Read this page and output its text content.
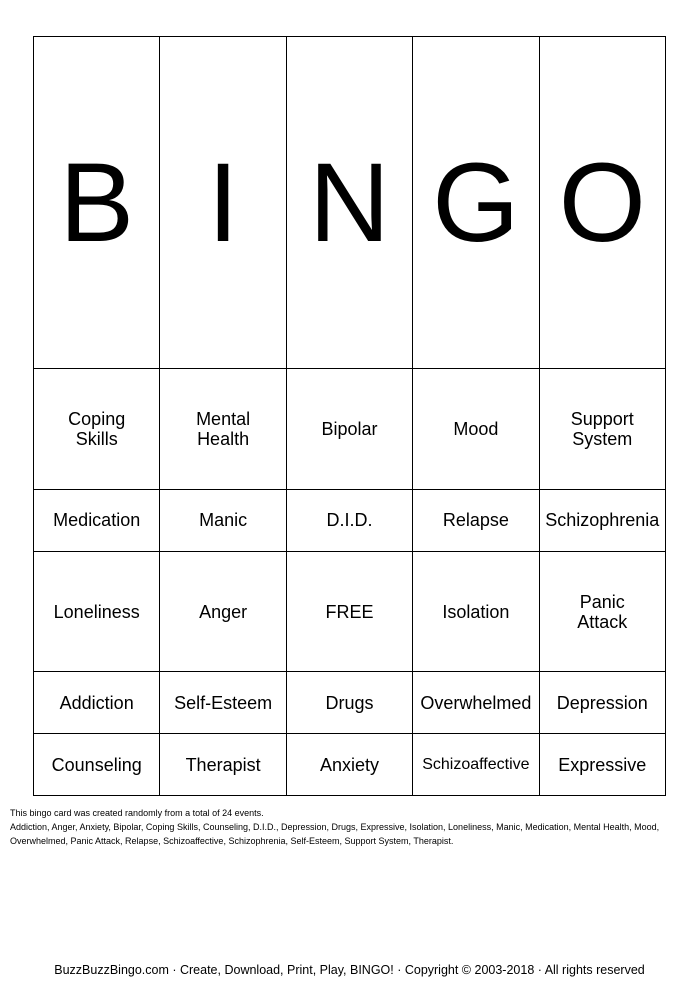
B	I	N	G	O
Coping Skills	Mental Health	Bipolar	Mood	Support System
Medication	Manic	D.I.D.	Relapse	Schizophrenia
Loneliness	Anger	FREE	Isolation	Panic Attack
Addiction	Self-Esteem	Drugs	Overwhelmed	Depression
Counseling	Therapist	Anxiety	Schizoaffective	Expressive
This bingo card was created randomly from a total of 24 events.
Addiction, Anger, Anxiety, Bipolar, Coping Skills, Counseling, D.I.D., Depression, Drugs, Expressive, Isolation, Loneliness, Manic, Medication, Mental Health, Mood, Overwhelmed, Panic Attack, Relapse, Schizoaffective, Schizophrenia, Self-Esteem, Support System, Therapist.
BuzzBuzzBingo.com · Create, Download, Print, Play, BINGO! · Copyright © 2003-2018 · All rights reserved
